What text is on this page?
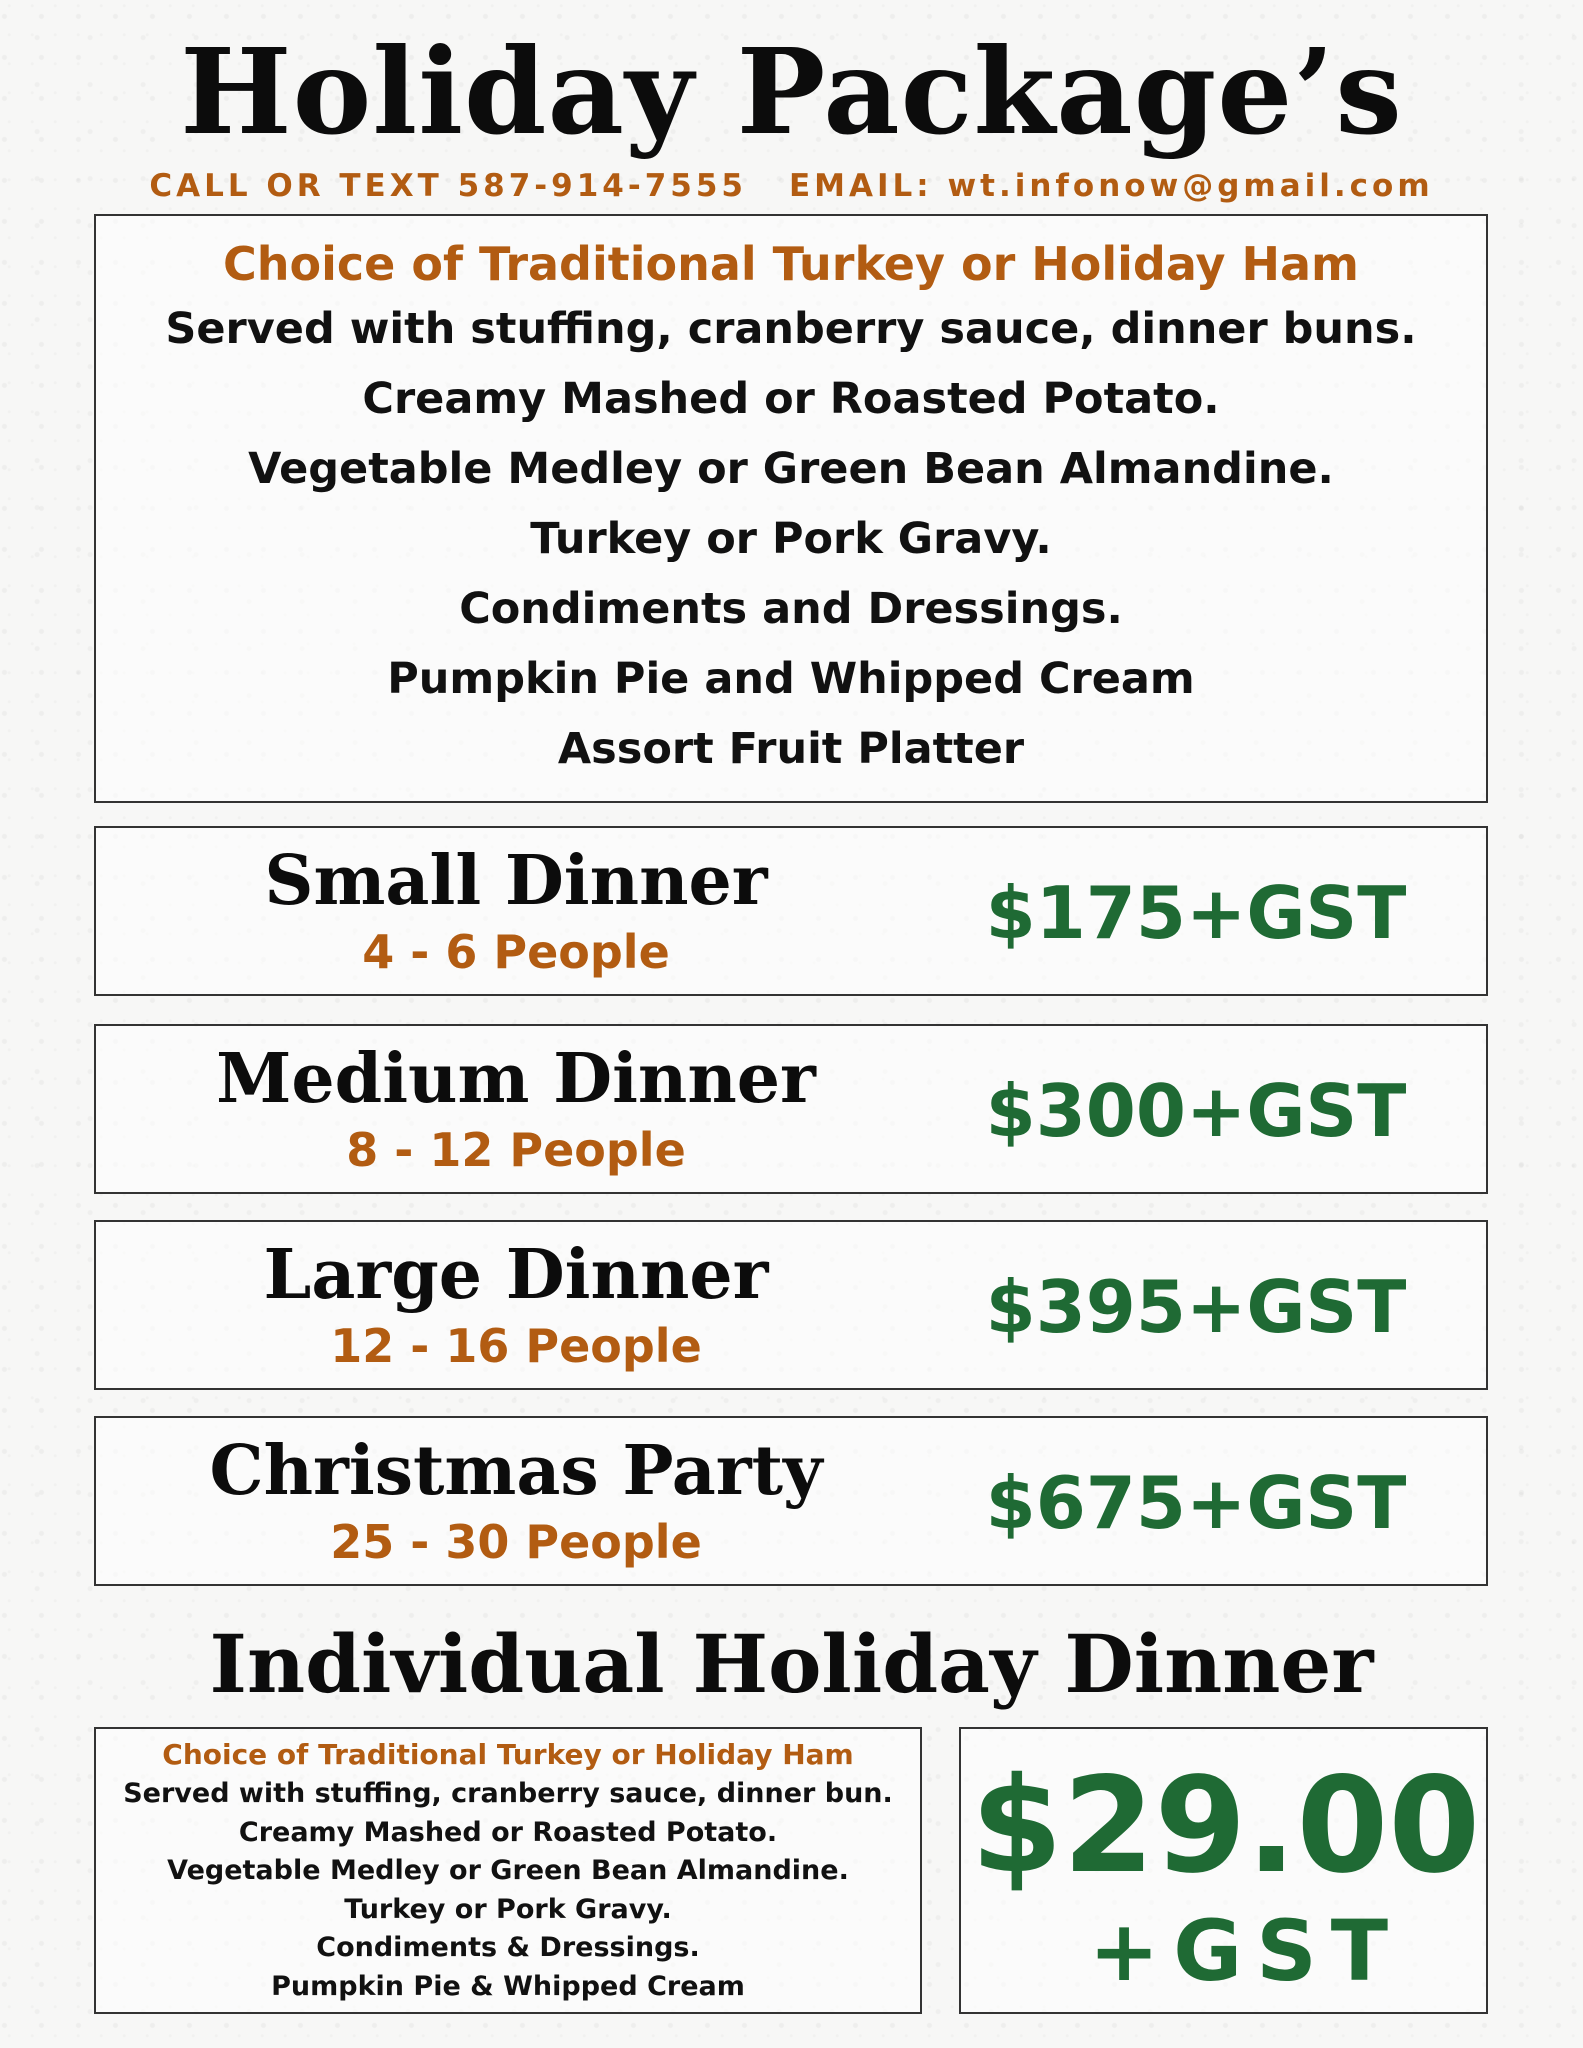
Holiday Package’s
CALL OR TEXT 587-914-7555 EMAIL: wt.infonow@gmail.com
Choice of Traditional Turkey or Holiday Ham
Served with stuffing, cranberry sauce, dinner buns.
Creamy Mashed or Roasted Potato.
Vegetable Medley or Green Bean Almandine.
Turkey or Pork Gravy.
Condiments and Dressings.
Pumpkin Pie and Whipped Cream
Assort Fruit Platter
Small Dinner
4 - 6 People	$175+GST
Medium Dinner
8 - 12 People	$300+GST
Large Dinner
12 - 16 People	$395+GST
Christmas Party
25 - 30 People	$675+GST
Individual Holiday Dinner
Choice of Traditional Turkey or Holiday Ham
Served with stuffing, cranberry sauce, dinner bun.
Creamy Mashed or Roasted Potato.
Vegetable Medley or Green Bean Almandine.
Turkey or Pork Gravy.
Condiments & Dressings.
Pumpkin Pie & Whipped Cream
$29.00
+GST
